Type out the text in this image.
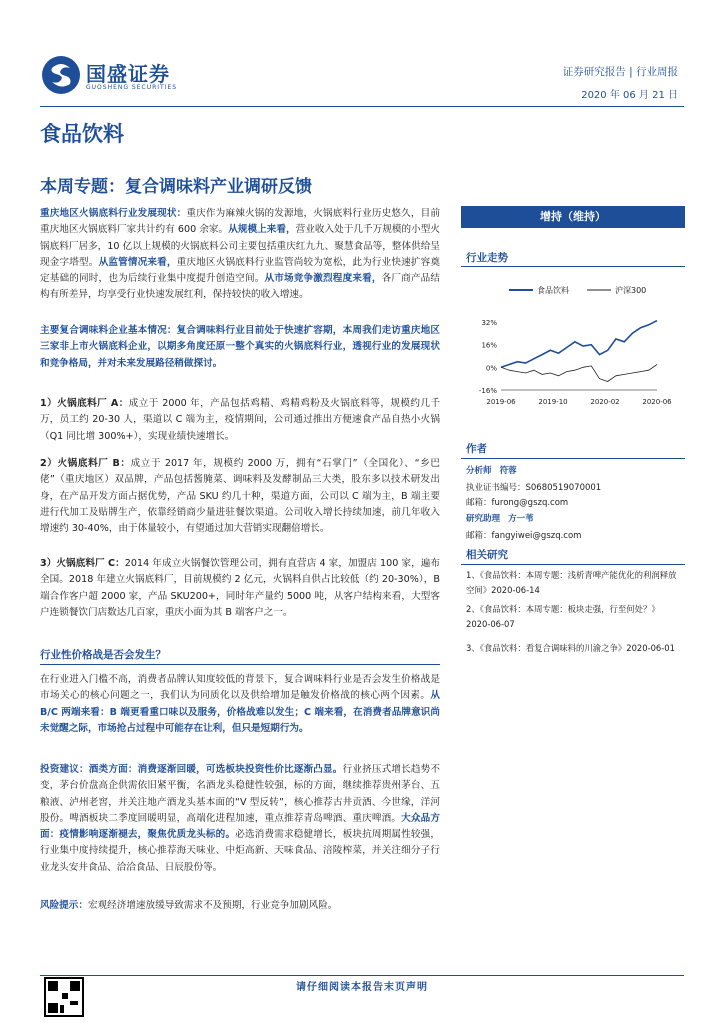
国盛证券
GUOSHENG SECURITIES
证券研究报告 | 行业周报
2020 年 06 月 21 日
食品饮料
本周专题：复合调味料产业调研反馈
重庆地区火锅底料行业发展现状：重庆作为麻辣火锅的发源地，火锅底料行业历史悠久，目前重庆地区火锅底料厂家共计约有 600 余家。从规模上来看，营业收入处于几千万规模的小型火锅底料厂居多，10 亿以上规模的火锅底料公司主要包括重庆红九九、聚慧食品等，整体供给呈现金字塔型。从监管情况来看，重庆地区火锅底料行业监管尚较为宽松，此为行业快速扩容奠定基础的同时，也为后续行业集中度提升创造空间。从市场竞争激烈程度来看，各厂商产品结构有所差异，均享受行业快速发展红利，保持较快的收入增速。
主要复合调味料企业基本情况：复合调味料行业目前处于快速扩容期，本周我们走访重庆地区三家非上市火锅底料企业，以期多角度还原一整个真实的火锅底料行业，透视行业的发展现状和竞争格局，并对未来发展路径稍做探讨。
1）火锅底料厂 A：成立于 2000 年，产品包括鸡精、鸡精鸡粉及火锅底料等，规模约几千万，员工约 20-30 人，渠道以 C 端为主，疫情期间，公司通过推出方便速食产品自热小火锅（Q1 同比增 300%+），实现业绩快速增长。
2）火锅底料厂 B：成立于 2017 年，规模约 2000 万，拥有“石掌门”（全国化）、“乡巴佬”（重庆地区）双品牌，产品包括酱腌菜、调味料及发酵制品三大类，股东多以技术研发出身，在产品开发方面占据优势，产品 SKU 约几十种，渠道方面，公司以 C 端为主，B 端主要进行代加工及贴牌生产，依靠经销商少量进驻餐饮渠道。公司收入增长持续加速，前几年收入增速约 30-40%，由于体量较小，有望通过加大营销实现翻倍增长。
3）火锅底料厂 C：2014 年成立火锅餐饮管理公司，拥有直营店 4 家，加盟店 100 家，遍布全国。2018 年建立火锅底料厂，目前规模约 2 亿元，火锅料自供占比较低（约 20-30%），B 端合作客户超 2000 家，产品 SKU200+，同时年产量约 5000 吨，从客户结构来看，大型客户连锁餐饮门店数达几百家，重庆小面为其 B 端客户之一。
行业性价格战是否会发生？
在行业进入门槛不高，消费者品牌认知度较低的背景下，复合调味料行业是否会发生价格战是市场关心的核心问题之一，我们认为同质化以及供给增加是触发价格战的核心两个因素。从 B/C 两端来看：B 端更看重口味以及服务，价格战难以发生；C 端来看，在消费者品牌意识尚未觉醒之际，市场抢占过程中可能存在让利，但只是短期行为。
投资建议：酒类方面：消费逐渐回暖，可选板块投资性价比逐渐凸显。行业挤压式增长趋势不变，茅台价盘高企供需依旧紧平衡，名酒龙头稳健性较强，标的方面，继续推荐贵州茅台、五粮液、泸州老窖，并关注地产酒龙头基本面的“V 型反转”，核心推荐古井贡酒、今世缘，洋河股份。啤酒板块二季度回暖明显，高端化进程加速，重点推荐青岛啤酒、重庆啤酒。大众品方面：疫情影响逐渐褪去，聚焦优质龙头标的。必选消费需求稳健增长，板块抗周期属性较强，行业集中度持续提升，核心推荐海天味业、中炬高新、天味食品、涪陵榨菜，并关注细分子行业龙头安井食品、洽洽食品、日辰股份等。
风险提示：宏观经济增速放缓导致需求不及预期，行业竞争加剧风险。
增持（维持）
行业走势
食品饮料	沪深300
32%
16%
0%
-16%
2019-06	2019-10	2020-02	2020-06
作者
分析师 符蓉
执业证书编号：S0680519070001
邮箱：furong@gszq.com
研究助理 方一苇
邮箱：fangyiwei@gszq.com
相关研究
1、《食品饮料：本周专题：浅析青啤产能优化的利润释放空间》2020-06-14
2、《食品饮料：本周专题：板块走强，行至何处？》2020-06-07
3、《食品饮料：看复合调味料的川渝之争》2020-06-01
请仔细阅读本报告末页声明
